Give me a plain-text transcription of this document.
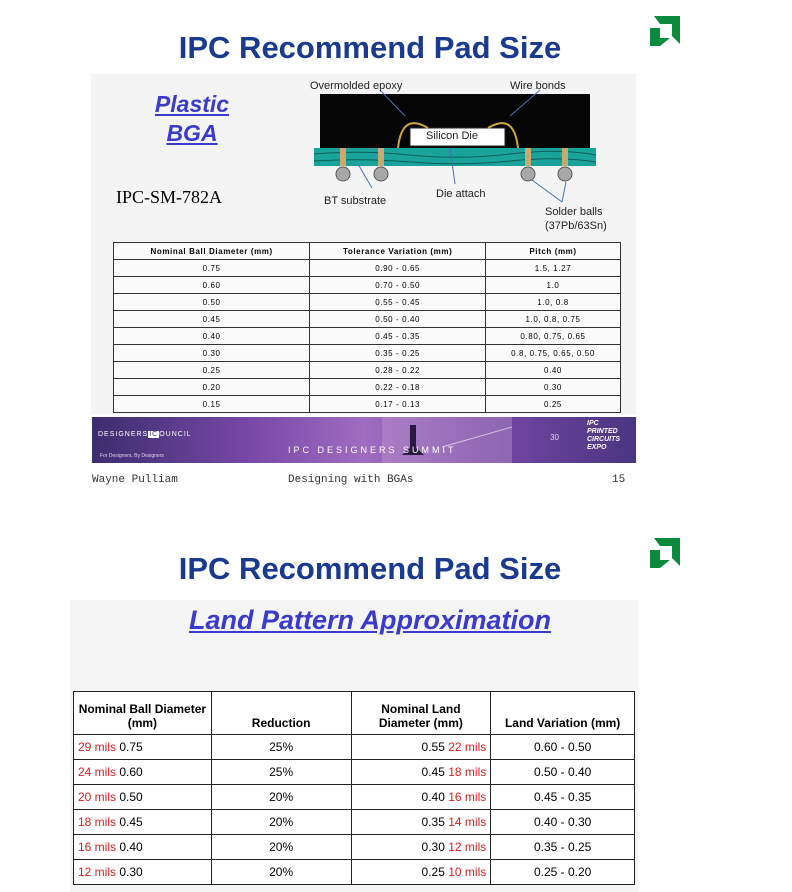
IPC Recommend Pad Size
Plastic
BGA
IPC-SM-782A
Overmolded epoxy	Wire bonds
Silicon Die
BT substrate
Die attach
Solder balls
(37Pb/63Sn)
Nominal Ball Diameter (mm)	Tolerance Variation (mm)	Pitch (mm)
0.75	0.90 - 0.65	1.5, 1.27
0.60	0.70 - 0.50	1.0
0.50	0.55 - 0.45	1.0, 0.8
0.45	0.50 - 0.40	1.0, 0.8, 0.75
0.40	0.45 - 0.35	0.80, 0.75, 0.65
0.30	0.35 - 0.25	0.8, 0.75, 0.65, 0.50
0.25	0.28 - 0.22	0.40
0.20	0.22 - 0.18	0.30
0.15	0.17 - 0.13	0.25
DESIGNERSICOUNCIL
For Designers, By Designers
IPC DESIGNERS SUMMIT
30
IPC
PRINTED
CIRCUITS
EXPO
Wayne Pulliam	Designing with BGAs	15
IPC Recommend Pad Size
Land Pattern Approximation
Nominal Ball Diameter (mm)	Reduction	Nominal Land Diameter (mm)	Land Variation (mm)
29 mils 0.75	25%	0.55 22 mils	0.60 - 0.50
24 mils 0.60	25%	0.45 18 mils	0.50 - 0.40
20 mils 0.50	20%	0.40 16 mils	0.45 - 0.35
18 mils 0.45	20%	0.35 14 mils	0.40 - 0.30
16 mils 0.40	20%	0.30 12 mils	0.35 - 0.25
12 mils 0.30	20%	0.25 10 mils	0.25 - 0.20
